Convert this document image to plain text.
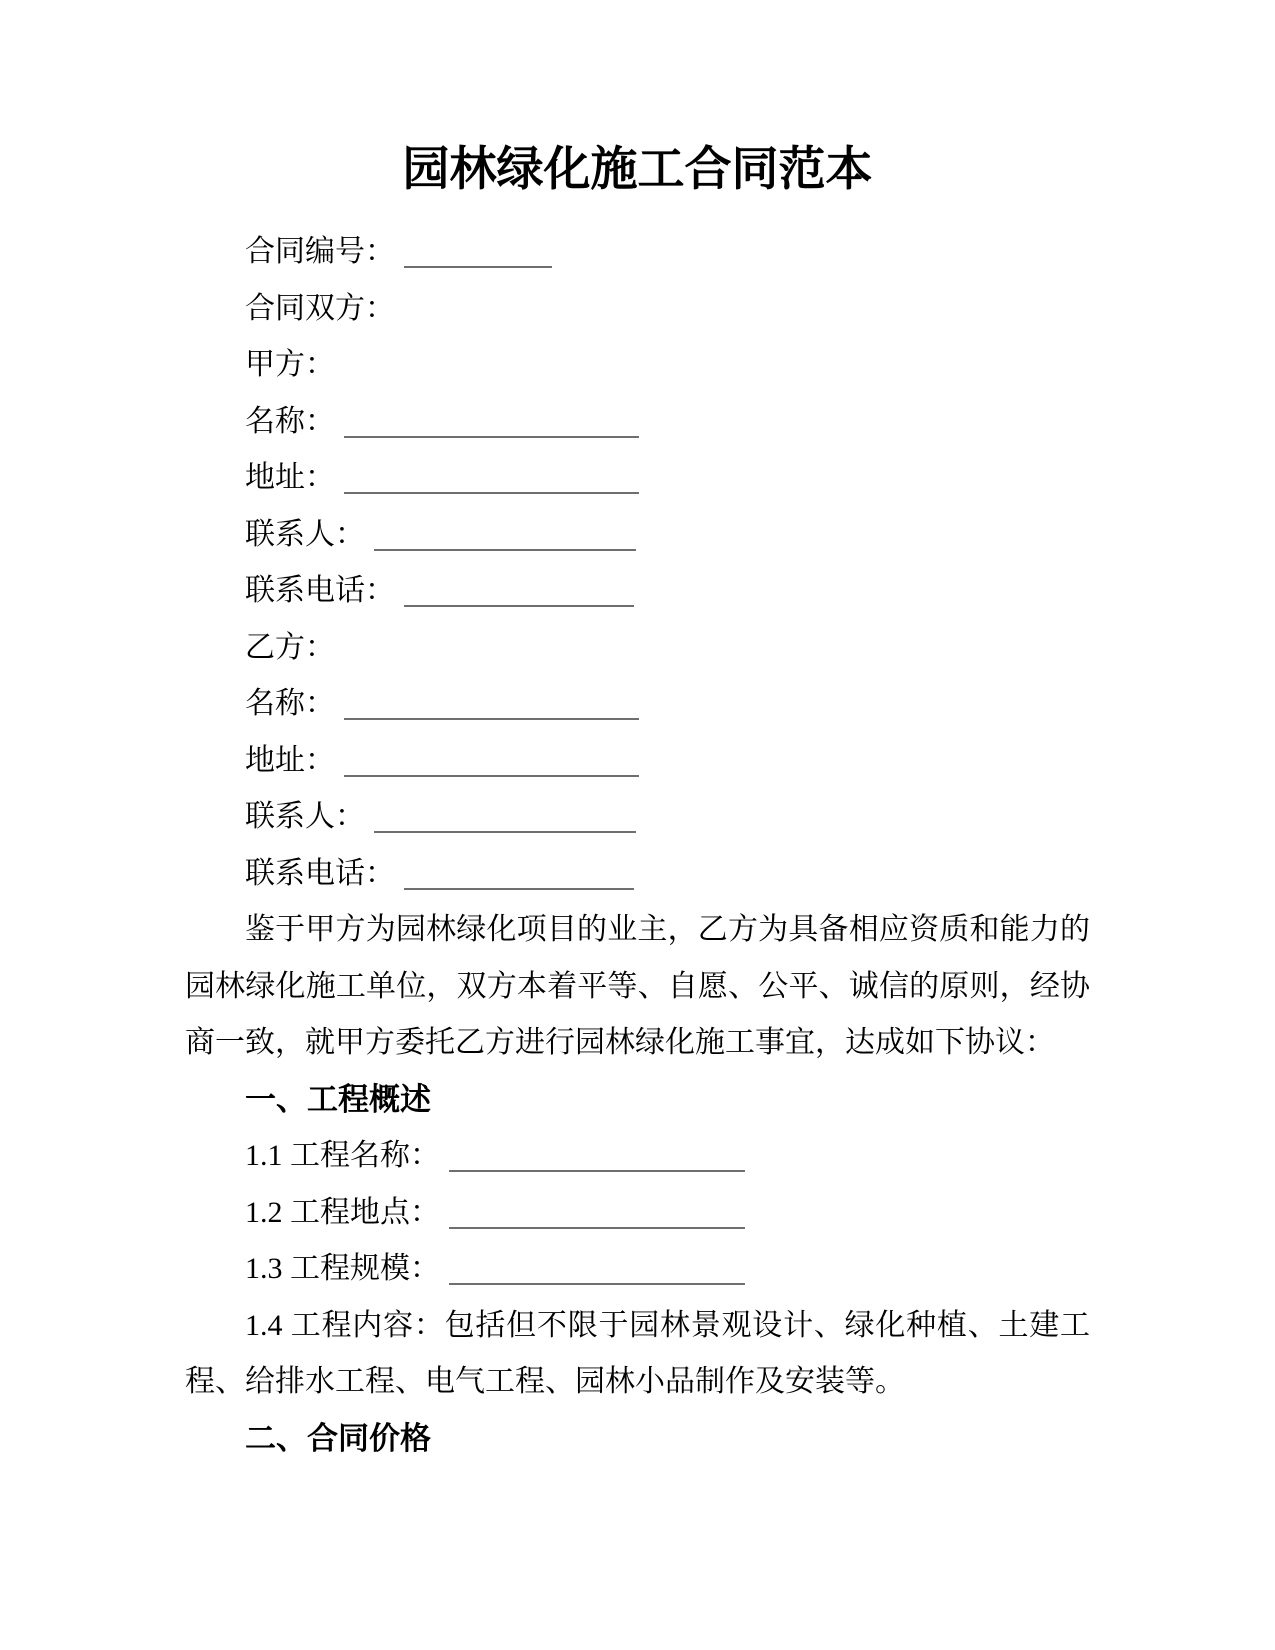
园林绿化施工合同范本
合同编号：
合同双方：
甲方：
名称：
地址：
联系人：
联系电话：
乙方：
名称：
地址：
联系人：
联系电话：
鉴于甲方为园林绿化项目的业主，乙方为具备相应资质和能力的
园林绿化施工单位，双方本着平等、自愿、公平、诚信的原则，经协
商一致，就甲方委托乙方进行园林绿化施工事宜，达成如下协议：
一、工程概述
1.1 工程名称：
1.2 工程地点：
1.3 工程规模：
1.4 工程内容：包括但不限于园林景观设计、绿化种植、土建工
程、给排水工程、电气工程、园林小品制作及安装等。
二、合同价格
